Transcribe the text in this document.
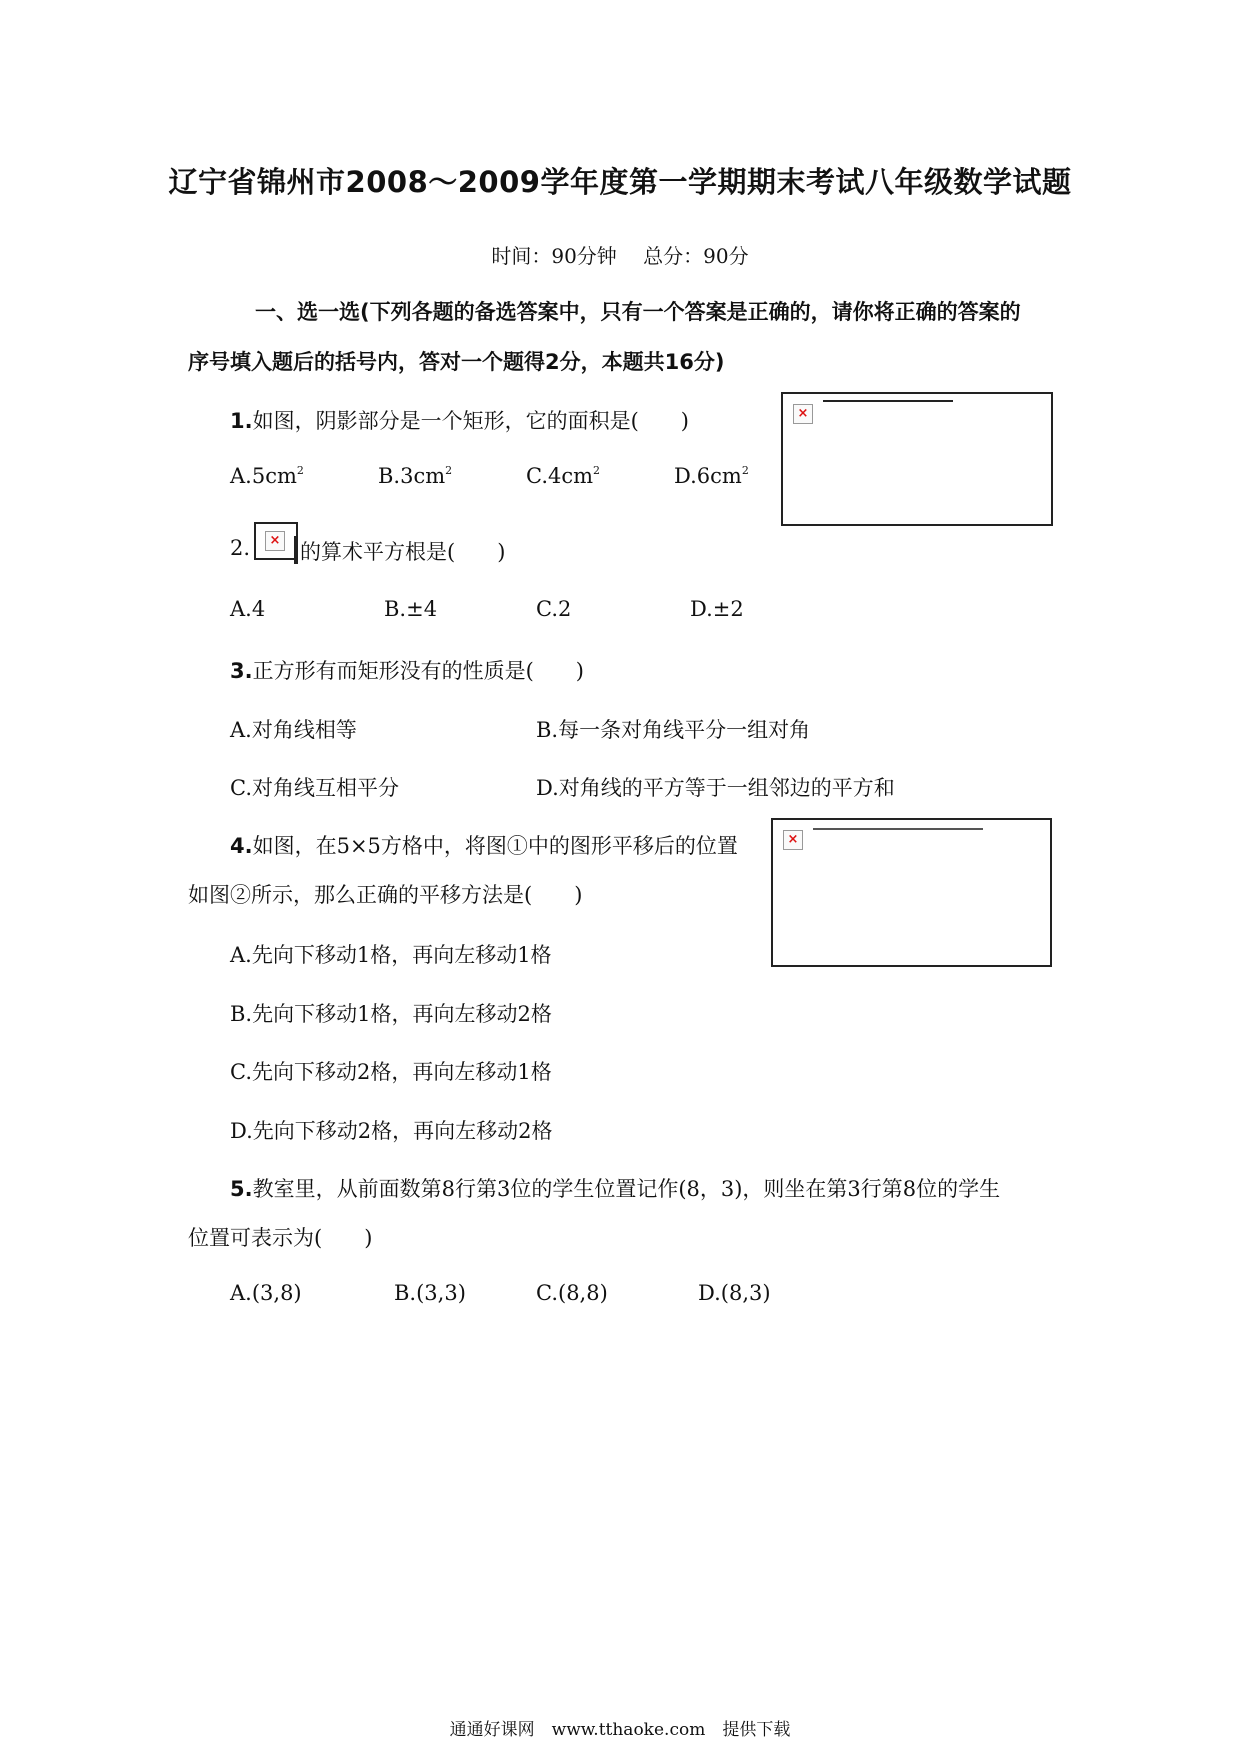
辽宁省锦州市2008～2009学年度第一学期期末考试八年级数学试题
时间：90分钟　 总分：90分
一、选一选(下列各题的备选答案中，只有一个答案是正确的，请你将正确的答案的
序号填入题后的括号内，答对一个题得2分，本题共16分)
1.如图，阴影部分是一个矩形，它的面积是(　　)
$A.5cm^2$	$B.3cm^2$	$C.4cm^2$	$D.6cm^2$
×
2.	× 的算术平方根是(　　)
A.4	B.±4	C.2	D.±2
3.正方形有而矩形没有的性质是(　　)
A.对角线相等	B.每一条对角线平分一组对角
C.对角线互相平分	D.对角线的平方等于一组邻边的平方和
4.如图，在5×5方格中，将图①中的图形平移后的位置
如图②所示，那么正确的平移方法是(　　)
A.先向下移动1格，再向左移动1格
B.先向下移动1格，再向左移动2格
C.先向下移动2格，再向左移动1格
D.先向下移动2格，再向左移动2格
×
5.教室里，从前面数第8行第3位的学生位置记作(8，3)，则坐在第3行第8位的学生
位置可表示为(　　)
A.(3,8)	B.(3,3)	C.(8,8)	D.(8,3)
通通好课网　www.tthaoke.com　提供下载
